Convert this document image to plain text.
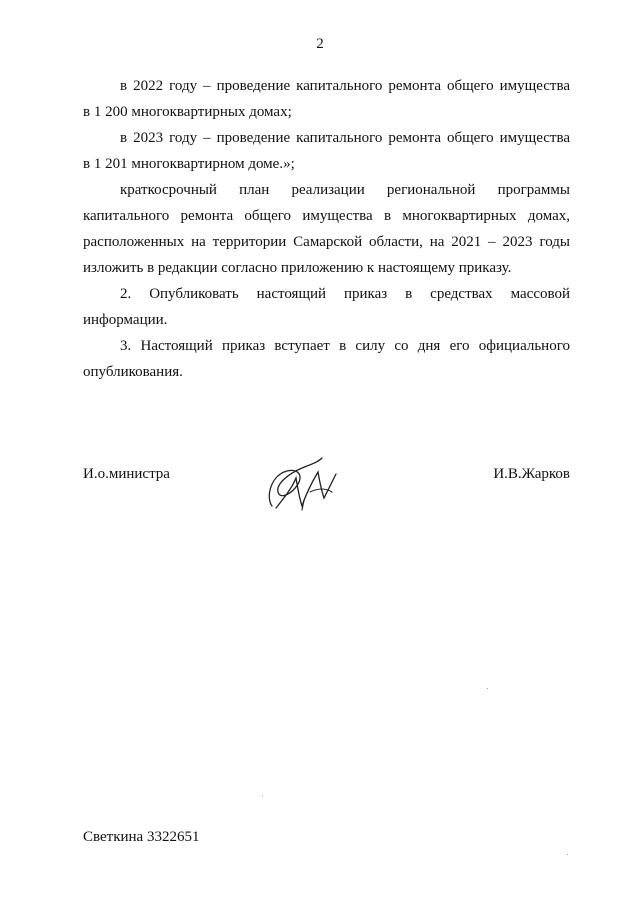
2

в 2022 году – проведение капитального ремонта общего имущества
в 1 200 многоквартирных домах;

в 2023 году – проведение капитального ремонта общего имущества
в 1 201 многоквартирном доме.»;

краткосрочный план реализации региональной программы
капитального ремонта общего имущества в многоквартирных домах,
расположенных на территории Самарской области, на 2021 – 2023 годы
изложить в редакции согласно приложению к настоящему приказу.

2. Опубликовать настоящий приказ в средствах массовой
информации.

3. Настоящий приказ вступает в силу со дня его официального
опубликования.

И.о.министра	И.В.Жарков
Светкина 3322651
